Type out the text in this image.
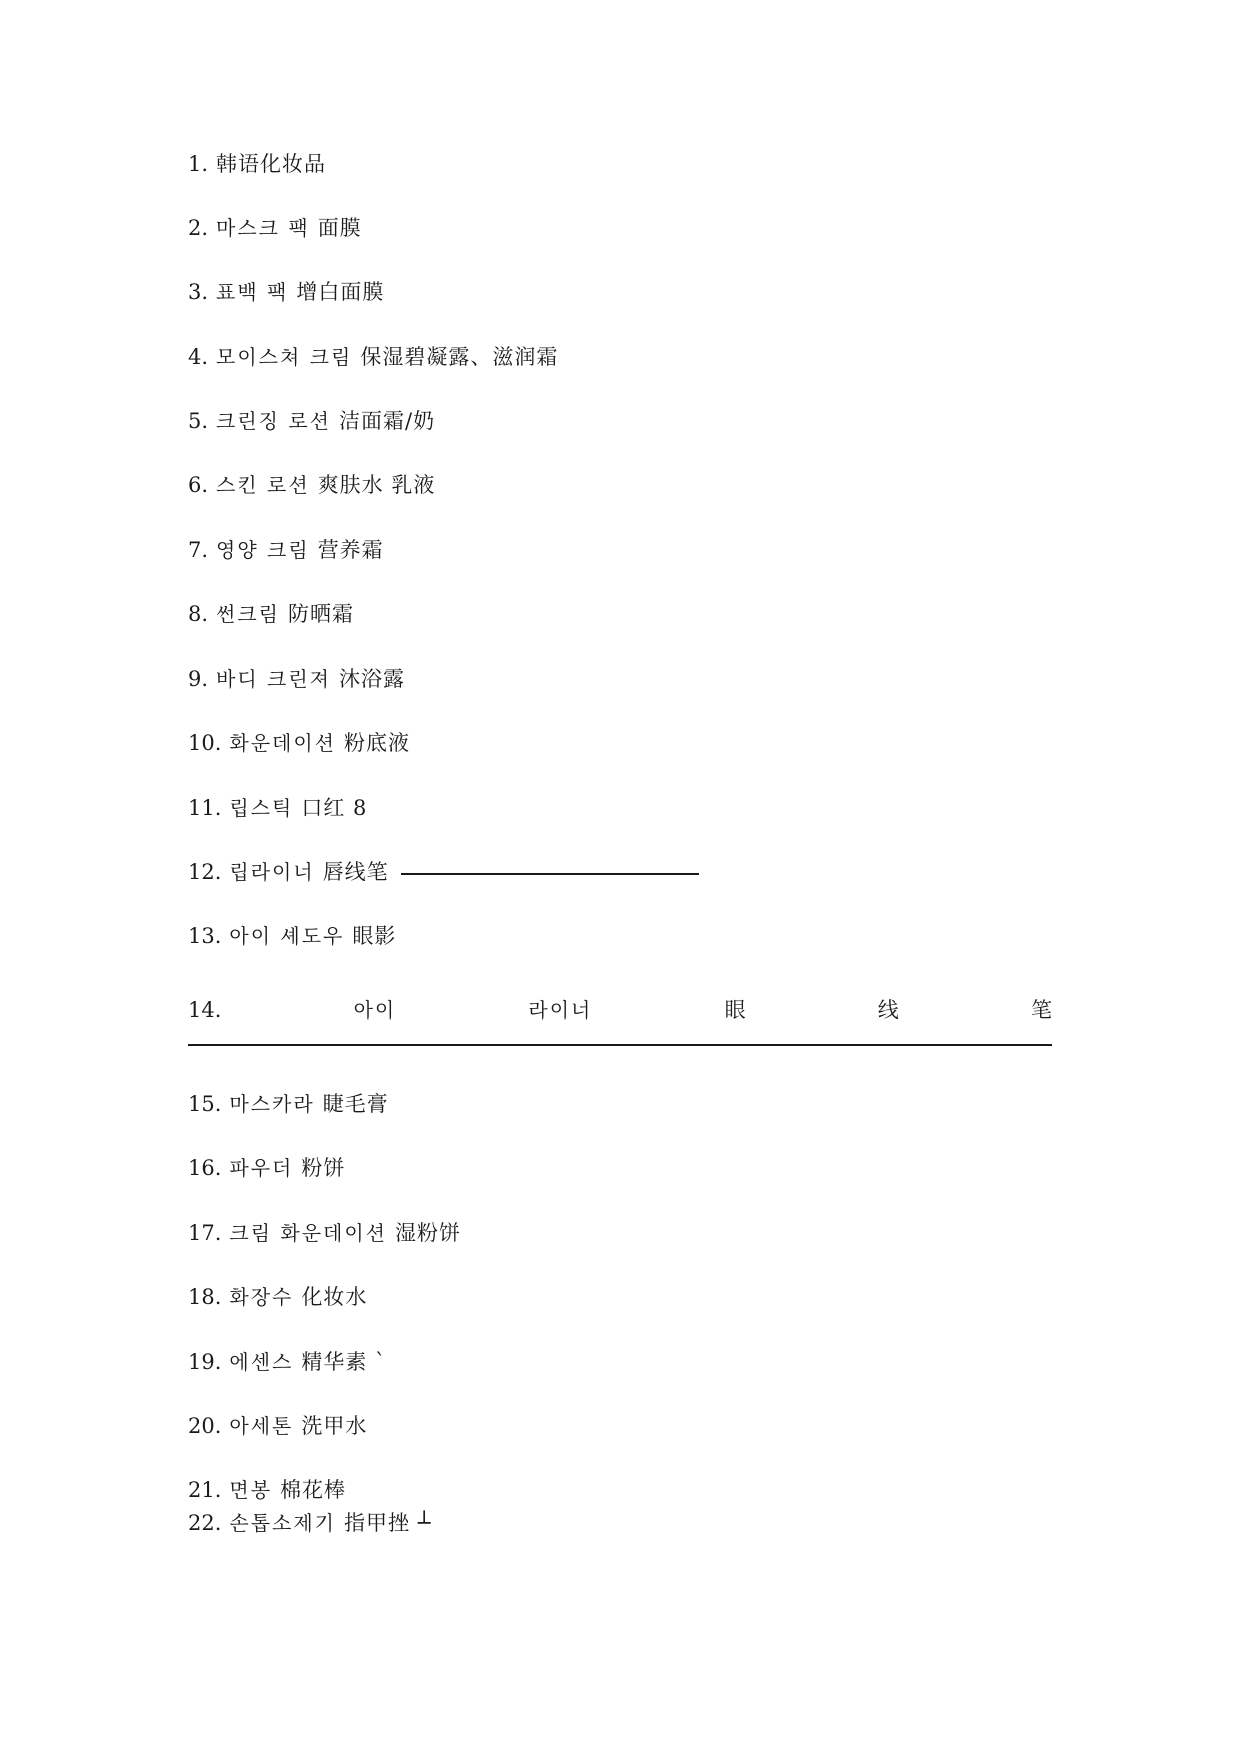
1. 韩语化妆品
2. 마스크 팩 面膜
3. 표백 팩 增白面膜
4. 모이스쳐 크림 保湿碧凝露、滋润霜
5. 크린징 로션 洁面霜/奶
6. 스킨 로션 爽肤水 乳液
7. 영양 크림 营养霜
8. 썬크림 防晒霜
9. 바디 크린져 沐浴露
10. 화운데이션 粉底液
11. 립스틱 口红 8
12. 립라이너 唇线笔
13. 아이 셰도우 眼影
14.	아이	라이너	眼	线	笔
15. 마스카라 睫毛膏
16. 파우더 粉饼
17. 크림 화운데이션 湿粉饼
18. 화장수 化妆水
19. 에센스 精华素 `
20. 아세톤 洗甲水
21. 면봉 棉花棒
22. 손톱소제기 指甲挫 ┴
